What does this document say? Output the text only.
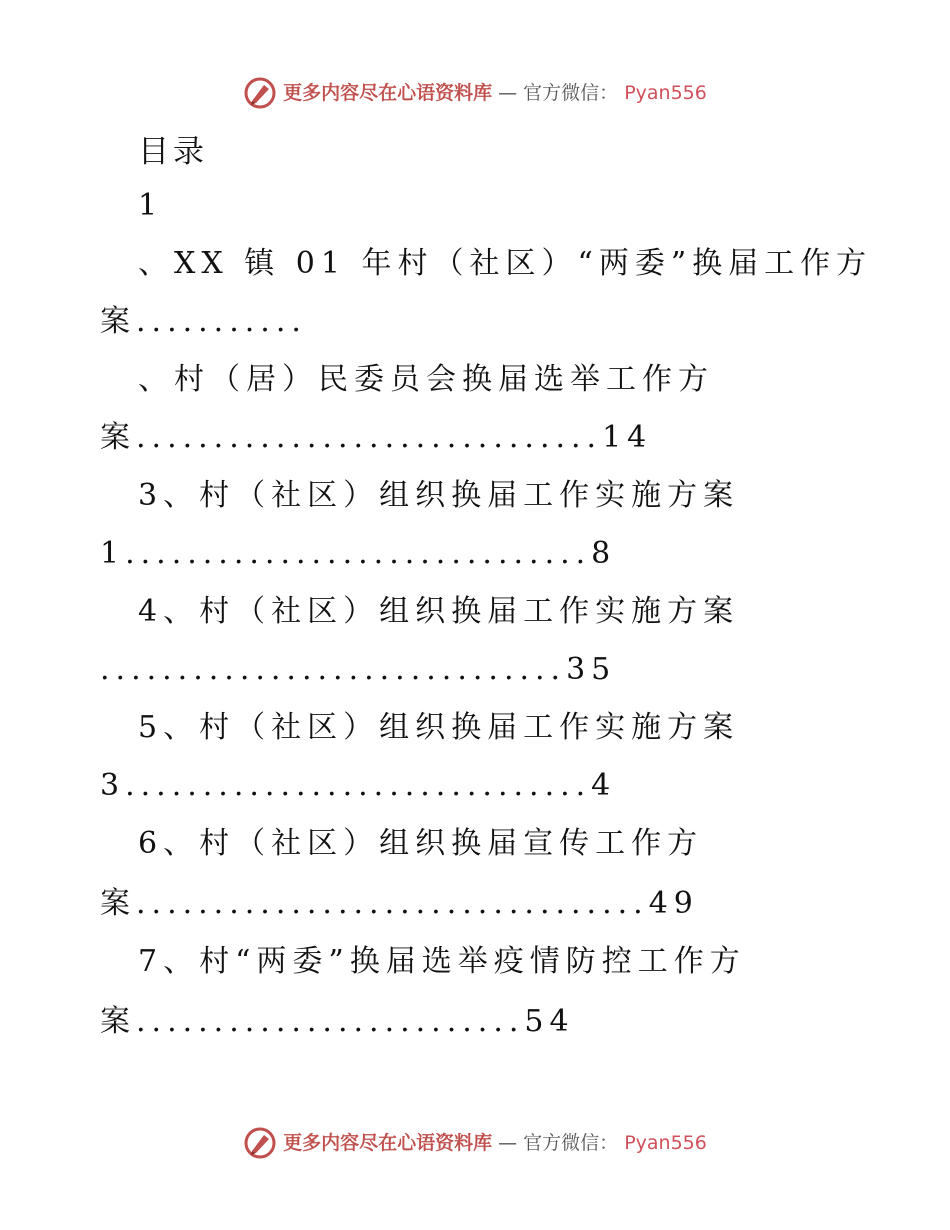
更多内容尽在心语资料库 — 官方微信： Pyan556
目录
1
、XX 镇 01 年村（社区）“两委”换届工作方
案...........
、村（居）民委员会换届选举工作方
案..............................14
3、村（社区）组织换届工作实施方案
1..............................8
4、村（社区）组织换届工作实施方案
..............................35
5、村（社区）组织换届工作实施方案
3..............................4
6、村（社区）组织换届宣传工作方
案.................................49
7、村“两委”换届选举疫情防控工作方
案.........................54
更多内容尽在心语资料库 — 官方微信： Pyan556
